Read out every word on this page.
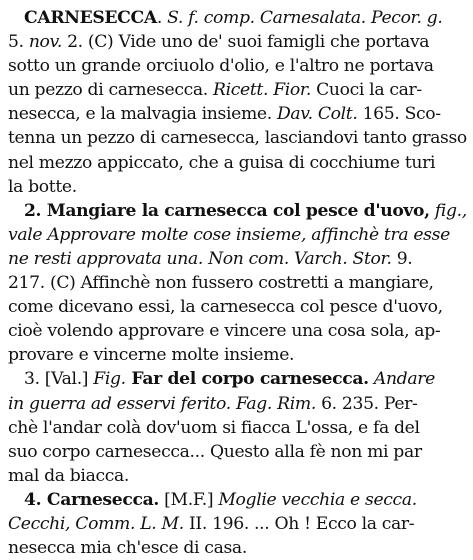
CARNESECCA. S. f. comp. Carnesalata. Pecor. g.
5. nov. 2. (C) Vide uno de' suoi famigli che portava
sotto un grande orciuolo d'olio, e l'altro ne portava
un pezzo di carnesecca. Ricett. Fior. Cuoci la car-
nesecca, e la malvagia insieme. Dav. Colt. 165. Sco-
tenna un pezzo di carnesecca, lasciandovi tanto grasso
nel mezzo appiccato, che a guisa di cocchiume turi
la botte.
2. Mangiare la carnesecca col pesce d'uovo, fig.,
vale Approvare molte cose insieme, affinchè tra esse
ne resti approvata una. Non com. Varch. Stor. 9.
217. (C) Affinchè non fussero costretti a mangiare,
come dicevano essi, la carnesecca col pesce d'uovo,
cioè volendo approvare e vincere una cosa sola, ap-
provare e vincerne molte insieme.
3. [Val.] Fig. Far del corpo carnesecca. Andare
in guerra ad esservi ferito. Fag. Rim. 6. 235. Per-
chè l'andar colà dov'uom si fiacca L'ossa, e fa del
suo corpo carnesecca... Questo alla fè non mi par
mal da biacca.
4. Carnesecca. [M.F.] Moglie vecchia e secca.
Cecchi, Comm. L. M. II. 196. ... Oh ! Ecco la car-
nesecca mia ch'esce di casa.
